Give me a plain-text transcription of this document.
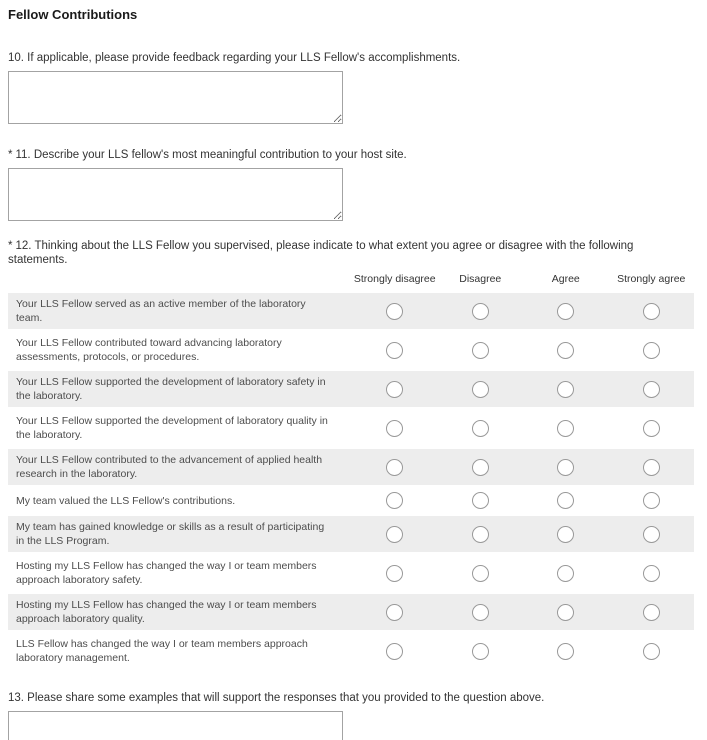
Fellow Contributions
10. If applicable, please provide feedback regarding your LLS Fellow's accomplishments.
* 11. Describe your LLS fellow's most meaningful contribution to your host site.
* 12. Thinking about the LLS Fellow you supervised, please indicate to what extent you agree or disagree with the following statements.
Strongly disagree	Disagree	Agree	Strongly agree
Your LLS Fellow served as an active member of the laboratory team.
Your LLS Fellow contributed toward advancing laboratory assessments, protocols, or procedures.
Your LLS Fellow supported the development of laboratory safety in the laboratory.
Your LLS Fellow supported the development of laboratory quality in the laboratory.
Your LLS Fellow contributed to the advancement of applied health research in the laboratory.
My team valued the LLS Fellow's contributions.
My team has gained knowledge or skills as a result of participating in the LLS Program.
Hosting my LLS Fellow has changed the way I or team members approach laboratory safety.
Hosting my LLS Fellow has changed the way I or team members approach laboratory quality.
LLS Fellow has changed the way I or team members approach laboratory management.
13. Please share some examples that will support the responses that you provided to the question above.
